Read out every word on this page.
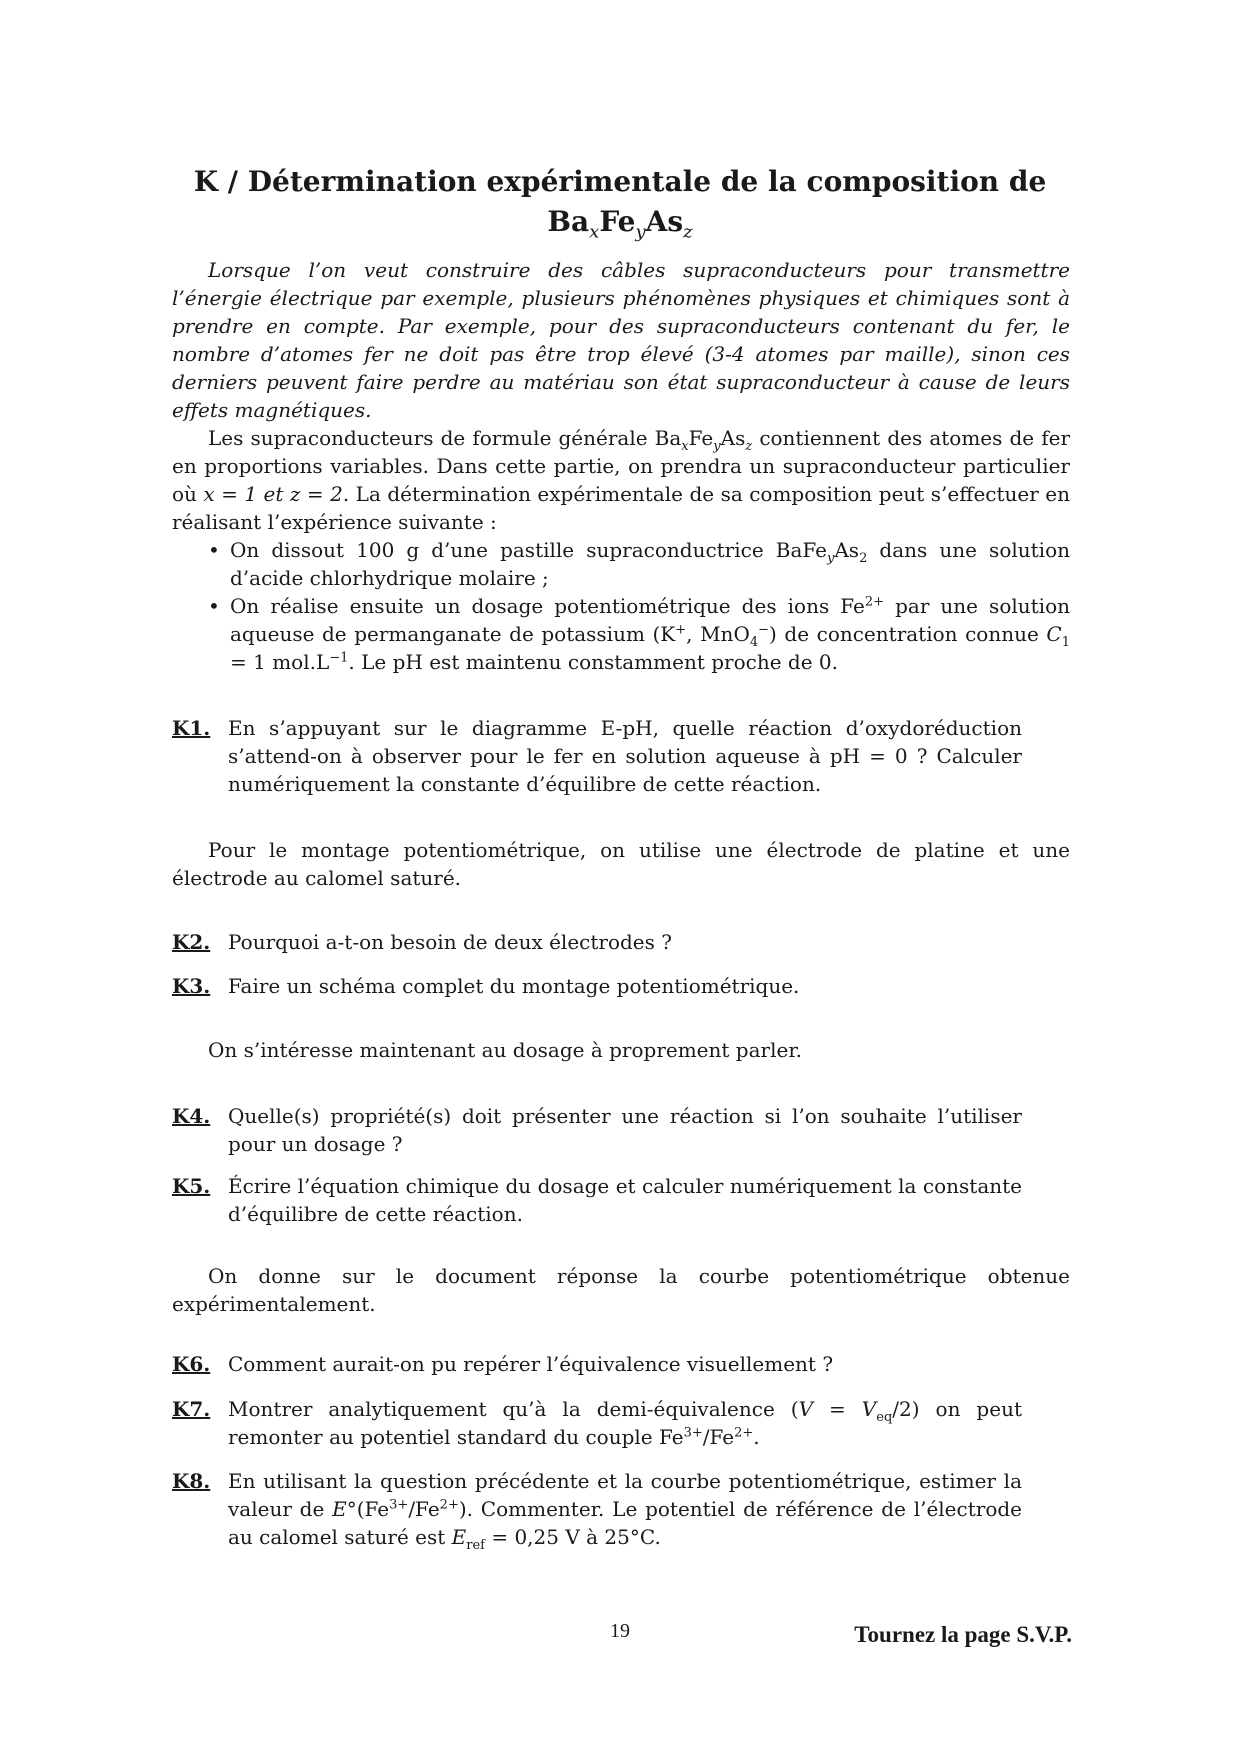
K / Détermination expérimentale de la composition de
$Ba_xFe_yAs_z$
Lorsque l’on veut construire des câbles supraconducteurs pour transmettre l’énergie électrique par exemple, plusieurs phénomènes physiques et chimiques sont à prendre en compte. Par exemple, pour des supraconducteurs contenant du fer, le nombre d’atomes fer ne doit pas être trop élevé (3-4 atomes par maille), sinon ces derniers peuvent faire perdre au matériau son état supraconducteur à cause de leurs effets magnétiques.
Les supraconducteurs de formule générale $Ba_xFe_yAs_z$ contiennent des atomes de fer en proportions variables. Dans cette partie, on prendra un supraconducteur particulier où x = 1 et z = 2. La détermination expérimentale de sa composition peut s’effectuer en réalisant l’expérience suivante :
• On dissout 100 g d’une pastille supraconductrice $BaFe_yAs_2$ dans une solution d’acide chlorhydrique molaire ;
• On réalise ensuite un dosage potentiométrique des ions $Fe^{2+}$ par une solution aqueuse de permanganate de potassium (K+, MnO$_4$−) de concentration connue $C_1 = 1$ $mol.L^{-1}$. Le pH est maintenu constamment proche de 0.
K1. En s’appuyant sur le diagramme E-pH, quelle réaction d’oxydoréduction s’attend-on à observer pour le fer en solution aqueuse à pH = 0 ? Calculer numériquement la constante d’équilibre de cette réaction.
Pour le montage potentiométrique, on utilise une électrode de platine et une électrode au calomel saturé.
K2. Pourquoi a-t-on besoin de deux électrodes ?
K3. Faire un schéma complet du montage potentiométrique.
On s’intéresse maintenant au dosage à proprement parler.
K4. Quelle(s) propriété(s) doit présenter une réaction si l’on souhaite l’utiliser pour un dosage ?
K5. Écrire l’équation chimique du dosage et calculer numériquement la constante d’équilibre de cette réaction.
On donne sur le document réponse la courbe potentiométrique obtenue expérimentalement.
K6. Comment aurait-on pu repérer l’équivalence visuellement ?
K7. Montrer analytiquement qu’à la demi-équivalence $(V = V_{eq}/2)$ on peut remonter au potentiel standard du couple $Fe^{3+}/Fe^{2+}$.
K8. En utilisant la question précédente et la courbe potentiométrique, estimer la valeur de $E^\circ(Fe^{3+}/Fe^{2+})$. Commenter. Le potentiel de référence de l’électrode au calomel saturé est $E_{ref} = 0,25$ V à 25°C.
19	Tournez la page S.V.P.
